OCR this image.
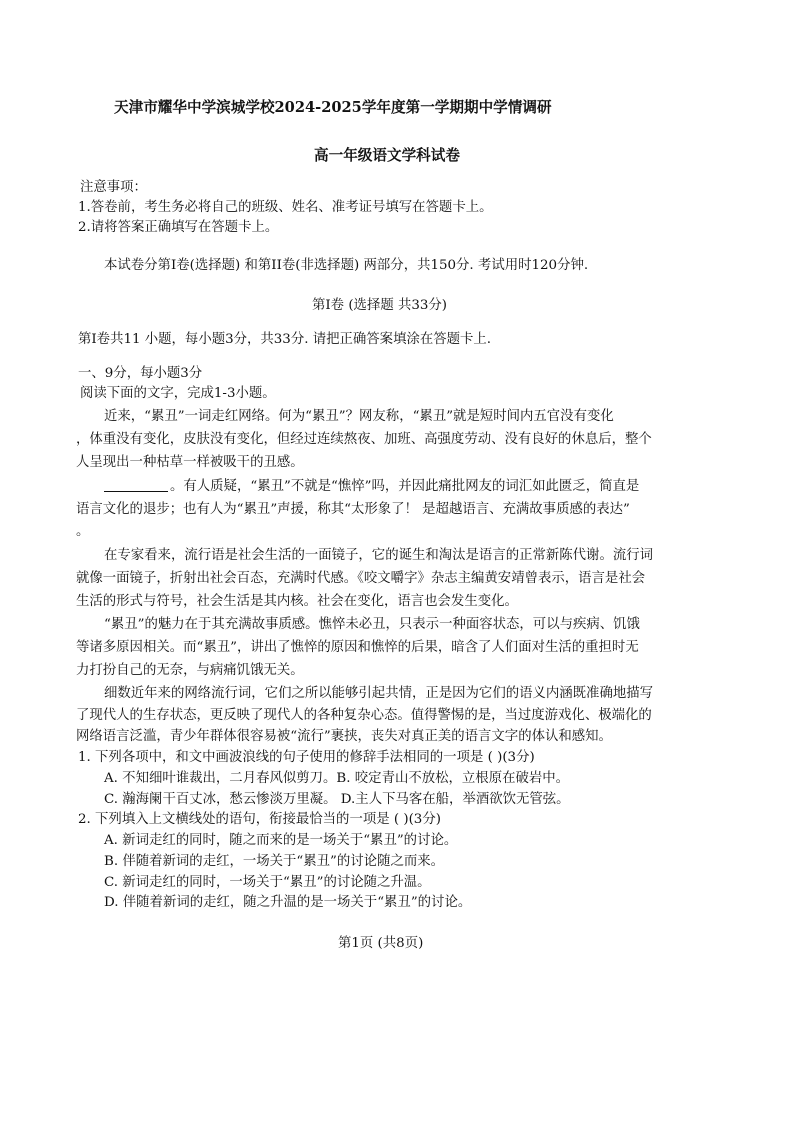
天津市耀华中学滨城学校2024-2025学年度第一学期期中学情调研
高一年级语文学科试卷
注意事项：
1.答卷前，考生务必将自己的班级、姓名、准考证号填写在答题卡上。
2.请将答案正确填写在答题卡上。
本试卷分第Ⅰ卷(选择题) 和第II卷(非选择题) 两部分，共150分. 考试用时120分钟.
第Ⅰ卷 (选择题 共33分)
第Ⅰ卷共11 小题，每小题3分，共33分. 请把正确答案填涂在答题卡上.
一、9分，每小题3分
阅读下面的文字，完成1-3小题。
近来，“累丑”一词走红网络。何为“累丑”？网友称，“累丑”就是短时间内五官没有变化
，体重没有变化，皮肤没有变化，但经过连续熬夜、加班、高强度劳动、没有良好的休息后，整个
人呈现出一种枯草一样被吸干的丑感。
。有人质疑，“累丑”不就是“憔悴”吗，并因此痛批网友的词汇如此匮乏，简直是
语言文化的退步；也有人为“累丑”声援，称其“太形象了！ 是超越语言、充满故事质感的表达”
。
在专家看来，流行语是社会生活的一面镜子，它的诞生和淘汰是语言的正常新陈代谢。流行词
就像一面镜子，折射出社会百态，充满时代感。《咬文嚼字》杂志主编黄安靖曾表示，语言是社会
生活的形式与符号，社会生活是其内核。社会在变化，语言也会发生变化。
“累丑”的魅力在于其充满故事质感。憔悴未必丑，只表示一种面容状态，可以与疾病、饥饿
等诸多原因相关。而“累丑”，讲出了憔悴的原因和憔悴的后果，暗含了人们面对生活的重担时无
力打扮自己的无奈，与病痛饥饿无关。
细数近年来的网络流行词，它们之所以能够引起共情，正是因为它们的语义内涵既准确地描写
了现代人的生存状态，更反映了现代人的各种复杂心态。值得警惕的是，当过度游戏化、极端化的
网络语言泛滥，青少年群体很容易被“流行”裹挟，丧失对真正美的语言文字的体认和感知。
1. 下列各项中，和文中画波浪线的句子使用的修辞手法相同的一项是 ( )(3分)
A. 不知细叶谁裁出，二月春风似剪刀。B. 咬定青山不放松，立根原在破岩中。
C. 瀚海阑干百丈冰，愁云惨淡万里凝。 D.主人下马客在船，举酒欲饮无管弦。
2. 下列填入上文横线处的语句，衔接最恰当的一项是 ( )(3分)
A. 新词走红的同时，随之而来的是一场关于“累丑”的讨论。
B. 伴随着新词的走红，一场关于“累丑”的讨论随之而来。
C. 新词走红的同时，一场关于“累丑”的讨论随之升温。
D. 伴随着新词的走红，随之升温的是一场关于“累丑”的讨论。
第1页 (共8页)
